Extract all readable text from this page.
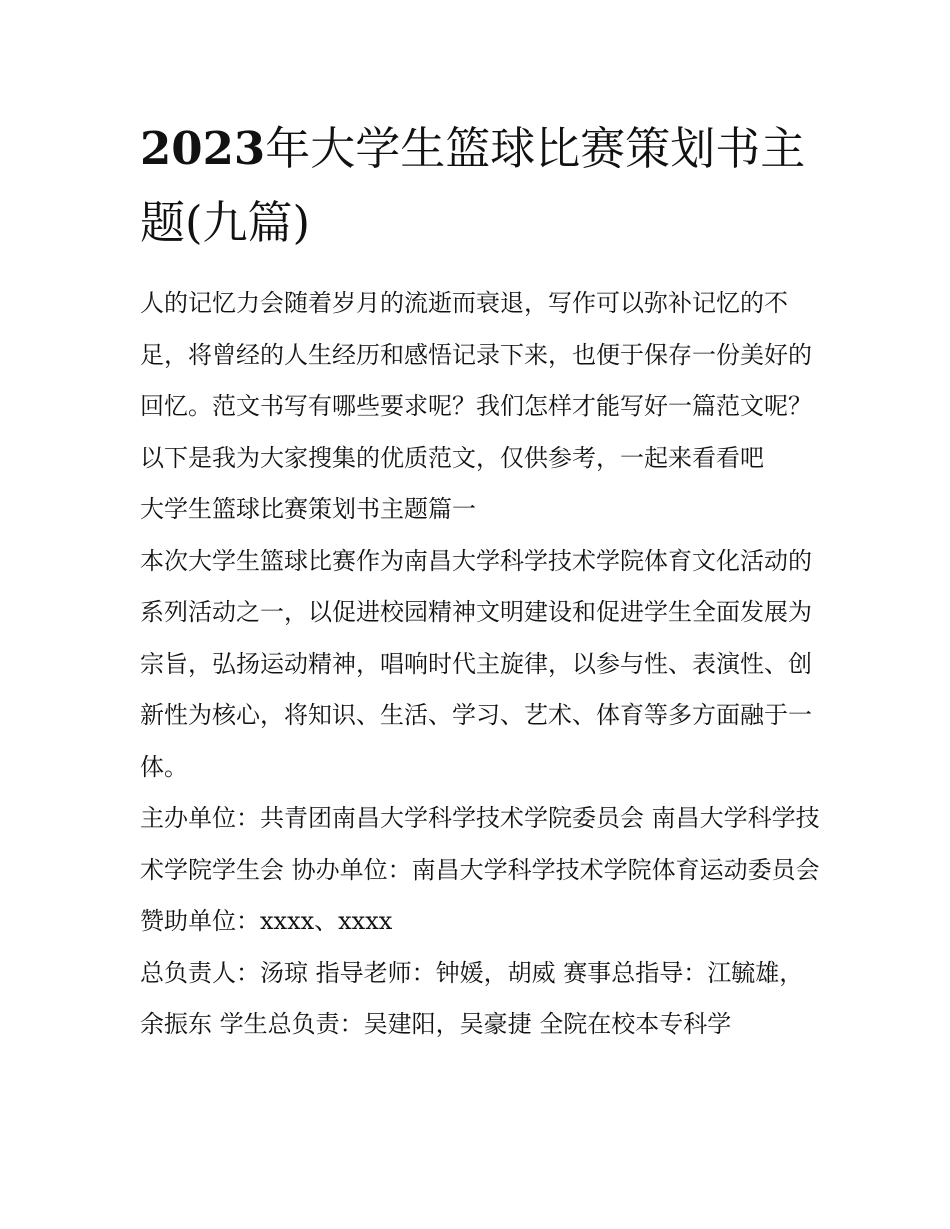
2023年大学生篮球比赛策划书主题(九篇)

人的记忆力会随着岁月的流逝而衰退，写作可以弥补记忆的不足，将曾经的人生经历和感悟记录下来，也便于保存一份美好的回忆。范文书写有哪些要求呢？我们怎样才能写好一篇范文呢？以下是我为大家搜集的优质范文，仅供参考，一起来看看吧

大学生篮球比赛策划书主题篇一

本次大学生篮球比赛作为南昌大学科学技术学院体育文化活动的系列活动之一，以促进校园精神文明建设和促进学生全面发展为宗旨，弘扬运动精神，唱响时代主旋律，以参与性、表演性、创新性为核心，将知识、生活、学习、艺术、体育等多方面融于一体。

主办单位：共青团南昌大学科学技术学院委员会 南昌大学科学技术学院学生会 协办单位：南昌大学科学技术学院体育运动委员会 赞助单位：xxxx、xxxx

总负责人：汤琼 指导老师：钟媛，胡威 赛事总指导：江毓雄，余振东 学生总负责：吴建阳，吴豪捷 全院在校本专科学
